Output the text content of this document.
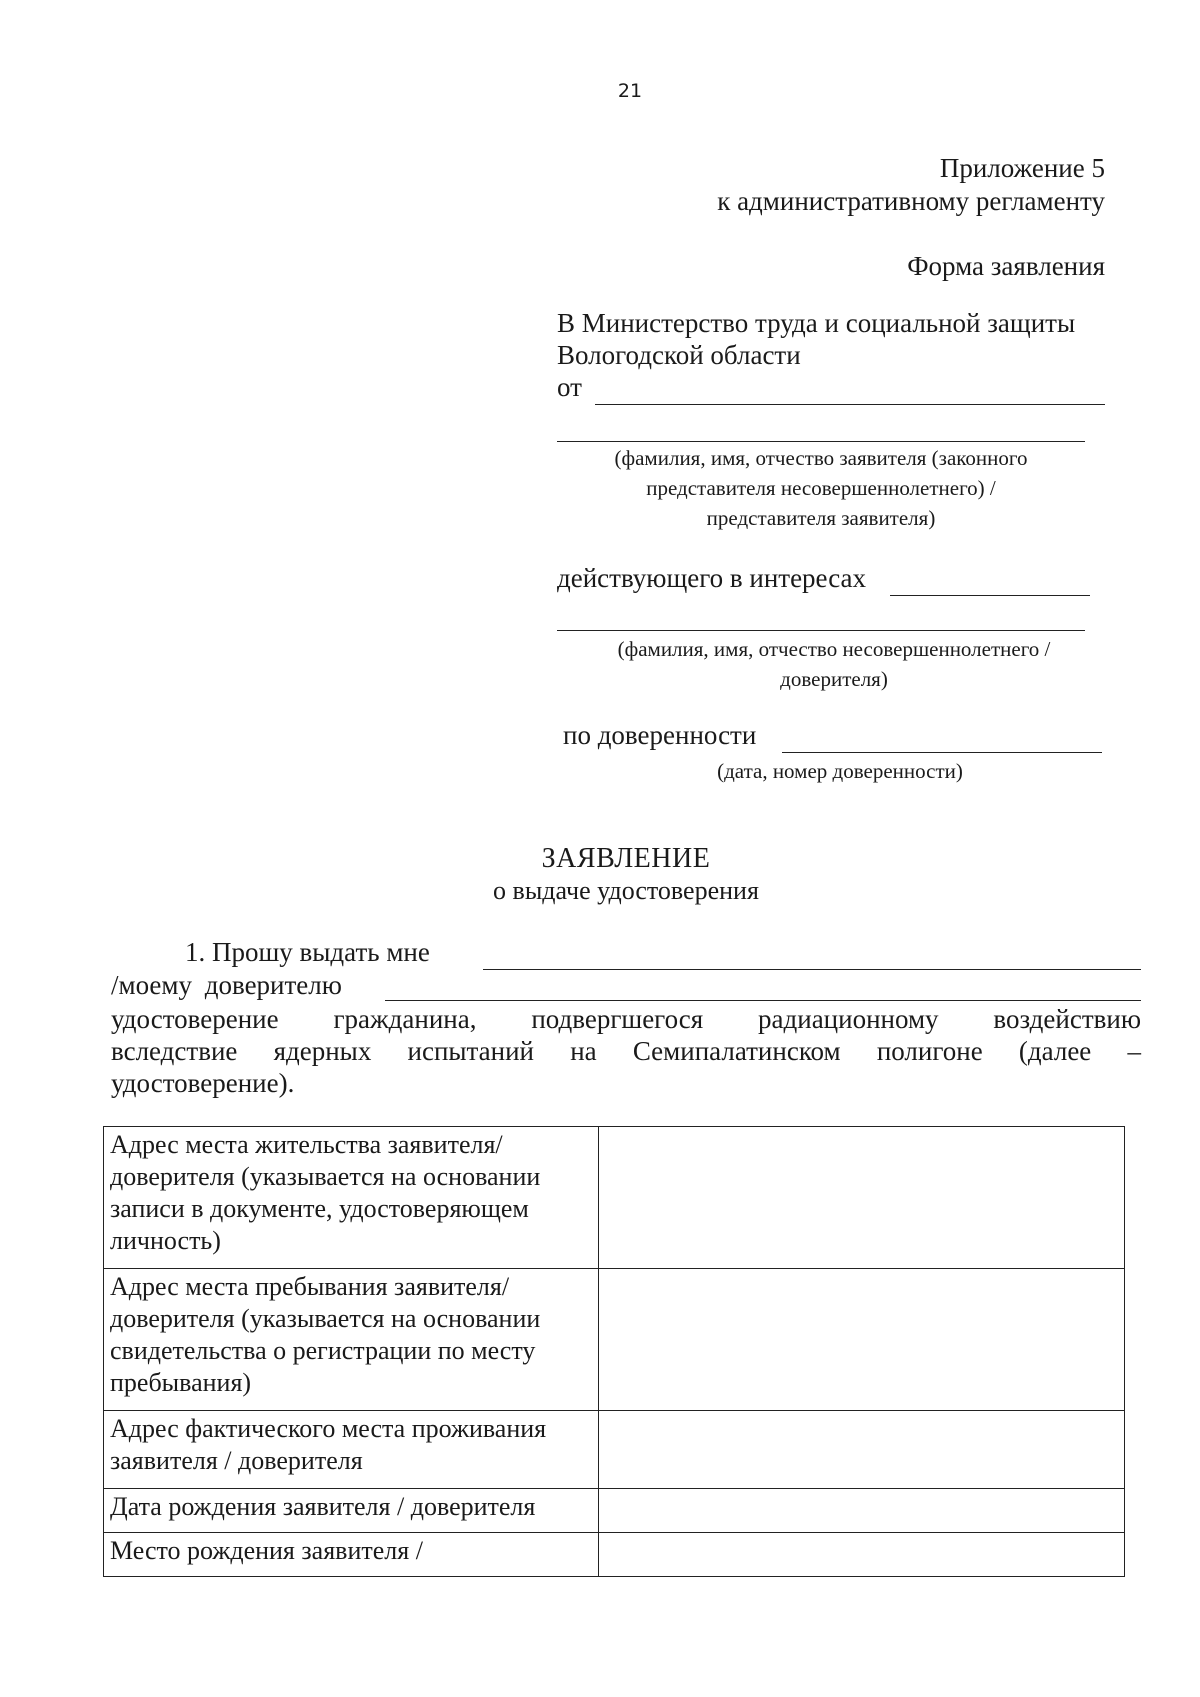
21
Приложение 5
к административному регламенту
Форма заявления
В Министерство труда и социальной защиты
Вологодской области
от
(фамилия, имя, отчество заявителя (законного
представителя несовершеннолетнего) /
представителя заявителя)
действующего в интересах
(фамилия, имя, отчество несовершеннолетнего /
доверителя)
по доверенности
(дата, номер доверенности)
ЗАЯВЛЕНИЕ
о выдаче удостоверения
1. Прошу выдать мне
/моему доверителю
удостоверение гражданина, подвергшегося радиационному воздействию
вследствие ядерных испытаний на Семипалатинском полигоне (далее –
удостоверение).
Адрес места жительства заявителя/ доверителя (указывается на основании записи в документе, удостоверяющем личность)	
Адрес места пребывания заявителя/ доверителя (указывается на основании свидетельства о регистрации по месту пребывания)	
Адрес фактического места проживания заявителя / доверителя	
Дата рождения заявителя / доверителя	
Место рождения заявителя /	
